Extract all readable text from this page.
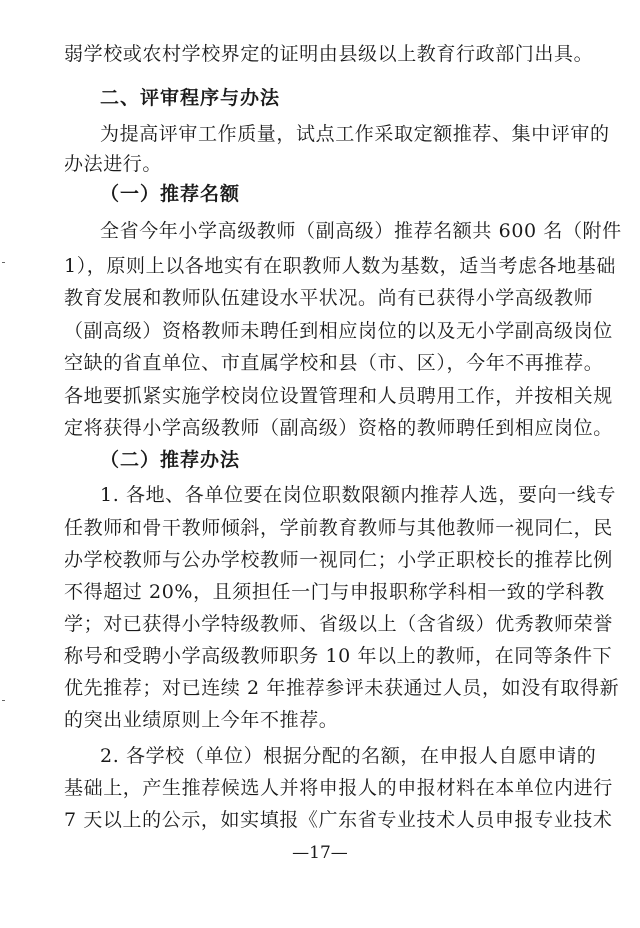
弱学校或农村学校界定的证明由县级以上教育行政部门出具。
二、评审程序与办法
为提高评审工作质量，试点工作采取定额推荐、集中评审的
办法进行。
（一）推荐名额
全省今年小学高级教师（副高级）推荐名额共 600 名（附件
1），原则上以各地实有在职教师人数为基数，适当考虑各地基础
教育发展和教师队伍建设水平状况。尚有已获得小学高级教师
（副高级）资格教师未聘任到相应岗位的以及无小学副高级岗位
空缺的省直单位、市直属学校和县（市、区），今年不再推荐。
各地要抓紧实施学校岗位设置管理和人员聘用工作，并按相关规
定将获得小学高级教师（副高级）资格的教师聘任到相应岗位。
（二）推荐办法
1. 各地、各单位要在岗位职数限额内推荐人选，要向一线专
任教师和骨干教师倾斜，学前教育教师与其他教师一视同仁，民
办学校教师与公办学校教师一视同仁；小学正职校长的推荐比例
不得超过 20%，且须担任一门与申报职称学科相一致的学科教
学；对已获得小学特级教师、省级以上（含省级）优秀教师荣誉
称号和受聘小学高级教师职务 10 年以上的教师，在同等条件下
优先推荐；对已连续 2 年推荐参评未获通过人员，如没有取得新
的突出业绩原则上今年不推荐。
2. 各学校（单位）根据分配的名额，在申报人自愿申请的
基础上，产生推荐候选人并将申报人的申报材料在本单位内进行
7 天以上的公示，如实填报《广东省专业技术人员申报专业技术
—17—
